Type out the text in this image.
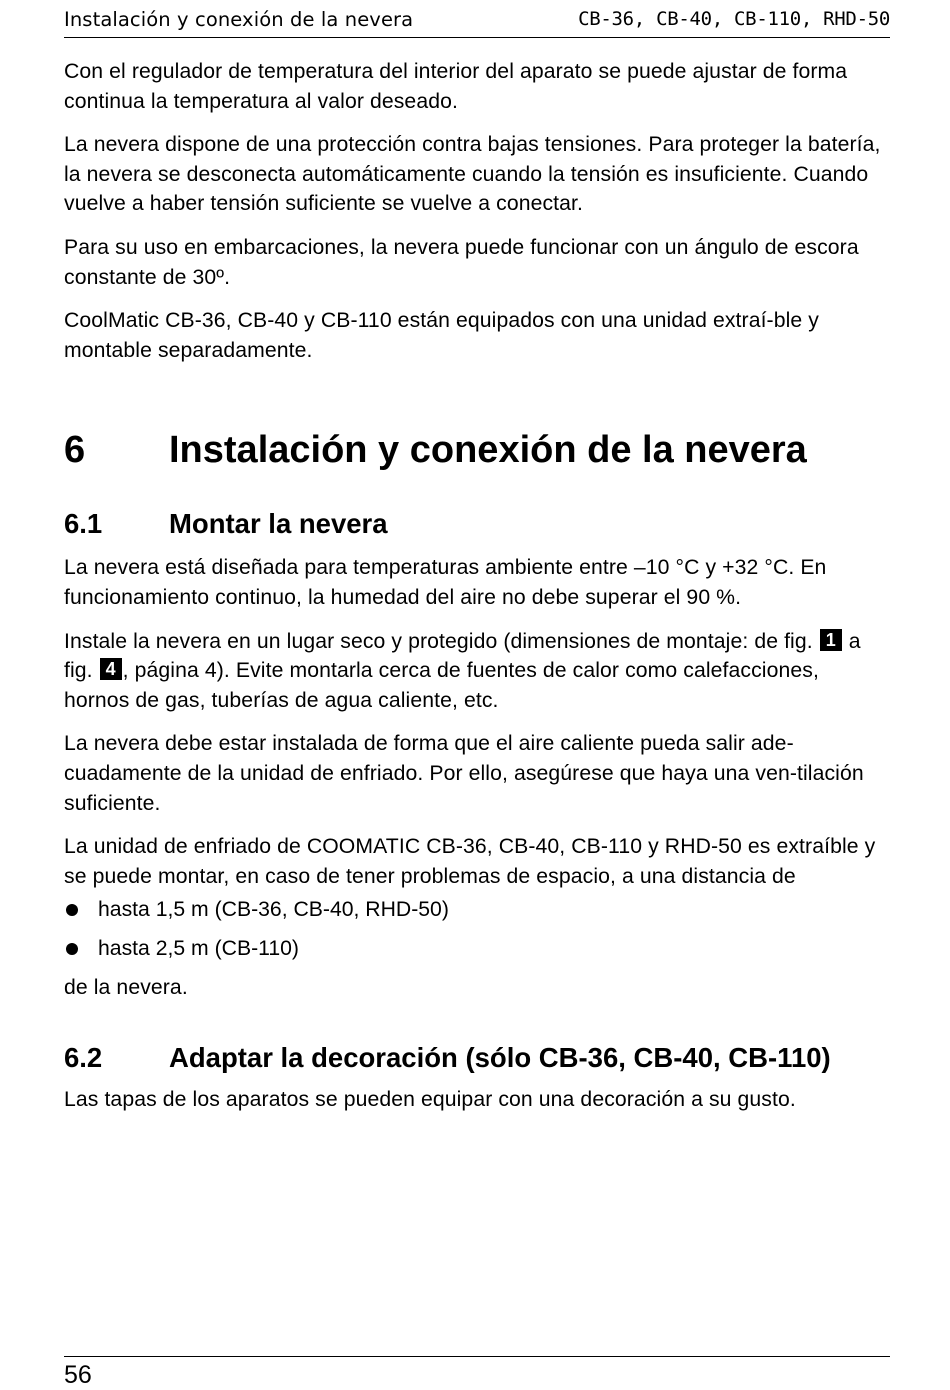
Instalación y conexión de la nevera	CB-36, CB-40, CB-110, RHD-50

Con el regulador de temperatura del interior del aparato se puede ajustar de forma continua la temperatura al valor deseado.

La nevera dispone de una protección contra bajas tensiones. Para proteger la batería, la nevera se desconecta automáticamente cuando la tensión es insuficiente. Cuando vuelve a haber tensión suficiente se vuelve a conectar.

Para su uso en embarcaciones, la nevera puede funcionar con un ángulo de escora constante de 30º.

CoolMatic CB-36, CB-40 y CB-110 están equipados con una unidad extraí-ble y montable separadamente.

6	Instalación y conexión de la nevera
6.1	Montar la nevera

La nevera está diseñada para temperaturas ambiente entre –10 °C y +32 °C. En funcionamiento continuo, la humedad del aire no debe superar el 90 %.

Instale la nevera en un lugar seco y protegido (dimensiones de montaje: de fig. 1 a fig. 4 , página 4). Evite montarla cerca de fuentes de calor como calefacciones, hornos de gas, tuberías de agua caliente, etc.

La nevera debe estar instalada de forma que el aire caliente pueda salir ade-cuadamente de la unidad de enfriado. Por ello, asegúrese que haya una ven-tilación suficiente.

La unidad de enfriado de COOMATIC CB-36, CB-40, CB-110 y RHD-50 es extraíble y se puede montar, en caso de tener problemas de espacio, a una distancia de

hasta 1,5 m (CB-36, CB-40, RHD-50)
hasta 2,5 m (CB-110)

de la nevera.

6.2	Adaptar la decoración (sólo CB-36, CB-40, CB-110)

Las tapas de los aparatos se pueden equipar con una decoración a su gusto.

56
